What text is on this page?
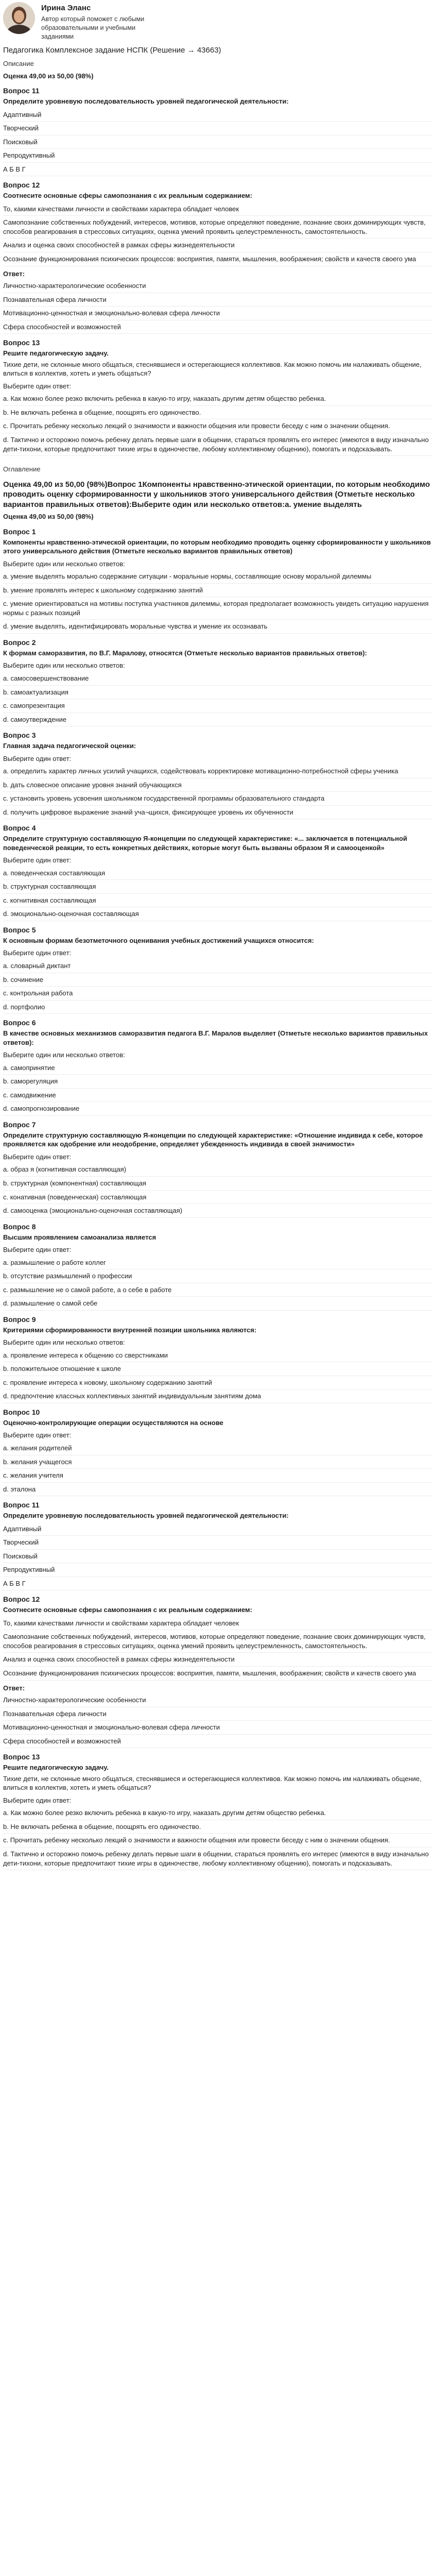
Ирина Эланс
Автор который поможет с любыми образовательными и учебными заданиями
Педагогика Комплексное задание НСПК (Решение → 43663)
Описание
Оценка 49,00 из 50,00 (98%)
Вопрос 11
Определите уровневую последовательность уровней педагогической деятельности:
Адаптивный
Творческий
Поисковый
Репродуктивный
А Б В Г
Вопрос 12
Соотнесите основные сферы самопознания с их реальным содержанием:
То, какими качествами личности и свойствами характера обладает человек
Самопознание собственных побуждений, интересов, мотивов, которые определяют поведение, познание своих доминирующих чувств, способов реагирования в стрессовых ситуациях, оценка умений проявить целеустремленность, самостоятельность.
Анализ и оценка своих способностей в рамках сферы жизнедеятельности
Осознание функционирования психических процессов: восприятия, памяти, мышления, воображения; свойств и качеств своего ума
Ответ:
Личностно-характерологические особенности
Познавательная сфера личности
Мотивационно-ценностная и эмоционально-волевая сфера личности
Сфера способностей и возможностей
Вопрос 13
Решите педагогическую задачу.
Тихие дети, не склонные много общаться, стеснявшиеся и остерегающиеся коллективов. Как можно помочь им налаживать общение, влиться в коллектив, хотеть и уметь общаться?
Выберите один ответ:
а. Как можно более резко включить ребенка в какую-то игру, наказать другим детям общество ребенка.
b. Не включать ребенка в общение, поощрять его одиночество.
c. Прочитать ребенку несколько лекций о значимости и важности общения или провести беседу с ним о значении общения.
d. Тактично и осторожно помочь ребенку делать первые шаги в общении, стараться проявлять его интерес (имеются в виду изначально дети-тихони, которые предпочитают тихие игры в одиночестве, любому коллективному общению), помогать и подсказывать.
Оглавление
Оценка 49,00 из 50,00 (98%)Вопрос 1Компоненты нравственно-этической ориентации, по которым необходимо проводить оценку сформированности у школьников этого универсального действия (Отметьте несколько вариантов правильных ответов):Выберите один или несколько ответов:а. умение выделять
Оценка 49,00 из 50,00 (98%)
Вопрос 1
Компоненты нравственно-этической ориентации, по которым необходимо проводить оценку сформированности у школьников этого универсального действия (Отметьте несколько вариантов правильных ответов)
Выберите один или несколько ответов:
а. умение выделять морально содержание ситуации - моральные нормы, составляющие основу моральной дилеммы
b. умение проявлять интерес к школьному содержанию занятий
c. умение ориентироваться на мотивы поступка участников дилеммы, которая предполагает возможность увидеть ситуацию нарушения нормы с разных позиций
d. умение выделять, идентифицировать моральные чувства и умение их осознавать
Вопрос 2
К формам саморазвития, по В.Г. Маралову, относятся (Отметьте несколько вариантов правильных ответов):
Выберите один или несколько ответов:
а. самосовершенствование
b. самоактуализация
c. самопрезентация
d. самоутверждение
Вопрос 3
Главная задача педагогической оценки:
Выберите один ответ:
а. определить характер личных усилий учащихся, содействовать корректировке мотивационно-потребностной сферы ученика
b. дать словесное описание уровня знаний обучающихся
c. установить уровень усвоения школьником государственной программы образовательного стандарта
d. получить цифровое выражение знаний уча¬щихся, фиксирующее уровень их обученности
Вопрос 4
Определите структурную составляющую Я-концепции по следующей характеристике: «... заключается в потенциальной поведенческой реакции, то есть конкретных действиях, которые могут быть вызваны образом Я и самооценкой»
Выберите один ответ:
а. поведенческая составляющая
b. структурная составляющая
c. когнитивная составляющая
d. эмоционально-оценочная составляющая
Вопрос 5
К основным формам безотметочного оценивания учебных достижений учащихся относится:
Выберите один ответ:
а. словарный диктант
b. сочинение
c. контрольная работа
d. портфолио
Вопрос 6
В качестве основных механизмов саморазвития педагога В.Г. Маралов выделяет (Отметьте несколько вариантов правильных ответов):
Выберите один или несколько ответов:
а. самопринятие
b. саморегуляция
c. самодвижение
d. самопрогнозирование
Вопрос 7
Определите структурную составляющую Я-концепции по следующей характеристике: «Отношение индивида к себе, которое проявляется как одобрение или неодобрение, определяет убежденность индивида в своей значимости»
Выберите один ответ:
а. образ я (когнитивная составляющая)
b. структурная (компонентная) составляющая
c. конативная (поведенческая) составляющая
d. самооценка (эмоционально-оценочная составляющая)
Вопрос 8
Высшим проявлением самоанализа является
Выберите один ответ:
а. размышление о работе коллег
b. отсутствие размышлений о профессии
c. размышление не о самой работе, а о себе в работе
d. размышление о самой себе
Вопрос 9
Критериями сформированности внутренней позиции школьника являются:
Выберите один или несколько ответов:
а. проявление интереса к общению со сверстниками
b. положительное отношение к школе
c. проявление интереса к новому, школьному содержанию занятий
d. предпочтение классных коллективных занятий индивидуальным занятиям дома
Вопрос 10
Оценочно-контролирующие операции осуществляются на основе
Выберите один ответ:
а. желания родителей
b. желания учащегося
c. желания учителя
d. эталона
Вопрос 11
Определите уровневую последовательность уровней педагогической деятельности:
Адаптивный
Творческий
Поисковый
Репродуктивный
А Б В Г
Вопрос 12
Соотнесите основные сферы самопознания с их реальным содержанием:
То, какими качествами личности и свойствами характера обладает человек
Самопознание собственных побуждений, интересов, мотивов, которые определяют поведение, познание своих доминирующих чувств, способов реагирования в стрессовых ситуациях, оценка умений проявить целеустремленность, самостоятельность.
Анализ и оценка своих способностей в рамках сферы жизнедеятельности
Осознание функционирования психических процессов: восприятия, памяти, мышления, воображения; свойств и качеств своего ума
Ответ:
Личностно-характерологические особенности
Познавательная сфера личности
Мотивационно-ценностная и эмоционально-волевая сфера личности
Сфера способностей и возможностей
Вопрос 13
Решите педагогическую задачу.
Тихие дети, не склонные много общаться, стеснявшиеся и остерегающиеся коллективов. Как можно помочь им налаживать общение, влиться в коллектив, хотеть и уметь общаться?
Выберите один ответ:
а. Как можно более резко включить ребенка в какую-то игру, наказать другим детям общество ребенка.
b. Не включать ребенка в общение, поощрять его одиночество.
c. Прочитать ребенку несколько лекций о значимости и важности общения или провести беседу с ним о значении общения.
d. Тактично и осторожно помочь ребенку делать первые шаги в общении, стараться проявлять его интерес (имеются в виду изначально дети-тихони, которые предпочитают тихие игры в одиночестве, любому коллективному общению), помогать и подсказывать.
